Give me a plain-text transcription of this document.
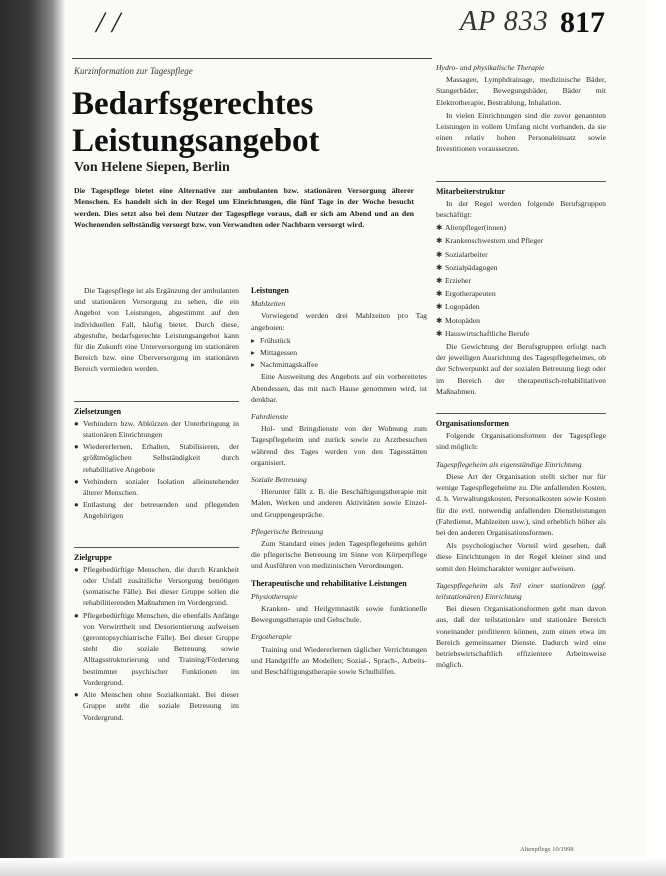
/ /	AP 833 817
Kurzinformation zur Tagespflege
Bedarfsgerechtes Leistungsangebot
Von Helene Siepen, Berlin
Die Tagespflege bietet eine Alternative zur ambulanten bzw. stationären Versorgung älterer Menschen. Es handelt sich in der Regel um Einrichtungen, die fünf Tage in der Woche besucht werden. Dies setzt also bei dem Nutzer der Tagespflege voraus, daß er sich am Abend und an den Wochenenden selbständig versorgt bzw. von Verwandten oder Nachbarn versorgt wird.

Die Tagespflege ist als Ergänzung der ambulanten und stationären Versorgung zu sehen, die ein Angebot von Leistungen, abgestimmt auf den individuellen Fall, häufig bietet. Durch diese, abgestufte, bedarfsgerechte Leistungsangebot kann für die Zukunft eine Unterversorgung im stationären Bereich bzw. eine Überversorgung im stationären Bereich vermieden werden.

Zielsetzungen
● Verhindern bzw. Abkürzen der Unterbringung in stationären Einrichtungen
● Wiedererlernen, Erhalten, Stabilisieren, der größtmöglichen Selbständigkeit durch rehabilitative Angebote
● Verhindern sozialer Isolation alleinstehender älterer Menschen.
● Entlastung der betreuenden und pflegenden Angehörigen
Zielgruppe
● Pflegebedürftige Menschen, die durch Krankheit oder Unfall zusätzliche Versorgung benötigen (somatische Fälle). Bei dieser Gruppe sollen die rehabilitierenden Maßnahmen im Vordergrund.
● Pflegebedürftige Menschen, die ebenfalls Anfänge von Verwirrtheit und Desorientierung aufweisen (gerontopsychiatrische Fälle). Bei dieser Gruppe steht die soziale Betreuung sowie Alltagsstrukturierung und Training/Förderung bestimmter psychischer Funktionen im Vordergrund.
● Alte Menschen ohne Sozialkontakt. Bei dieser Gruppe steht die soziale Betreuung im Vordergrund.
Leistungen
Mahlzeiten

Vorwiegend werden drei Mahlzeiten pro Tag angeboten:

▸ Frühstück
▸ Mittagessen
▸ Nachmittagskaffee

Eine Ausweitung des Angebots auf ein vorbereitetes Abendessen, das mit nach Hause genommen wird, ist denkbar.

Fahrdienste

Hol- und Bringdienste von der Wohnung zum Tagespflegeheim und zurück sowie zu Arztbesuchen während des Tages werden von den Tagesstätten organisiert.

Soziale Betreuung

Hierunter fällt z. B. die Beschäftigungstherapie mit Malen, Werken und anderen Aktivitäten sowie Einzel- und Gruppengespräche.

Pflegerische Betreuung

Zum Standard eines jeden Tagespflegeheims gehört die pflegerische Betreuung im Sinne von Körperpflege und Ausführen von medizinischen Verordnungen.

Therapeutische und rehabilitative Leistungen
Physiotherapie

Kranken- und Heilgymnastik sowie funktionelle Bewegungstherapie und Gehschule.

Ergotherapie

Training und Wiedererlernen täglicher Verrichtungen und Handgriffe an Modellen; Sozial-, Sprach-, Arbeits- und Beschäftigungstherapie sowie Schulhilfen.

Hydro- und physikalische Therapie

Massagen, Lymphdrainage, medizinische Bäder, Stangerbäder, Bewegungsbäder, Bäder mit Elektrotherapie, Bestrahlung, Inhalation.

In vielen Einrichtungen sind die zuvor genannten Leistungen in vollem Umfang nicht vorhanden, da sie einen relativ hohen Personaleinsatz sowie Investitionen voraussetzen.

Mitarbeiterstruktur

In der Regel werden folgende Berufsgruppen beschäftigt:

✱ Altenpfleger(innen)
✱ Krankenschwestern und Pfleger
✱ Sozialarbeiter
✱ Sozialpädagogen
✱ Erzieher
✱ Ergotherapeuten
✱ Logopäden
✱ Motopäden
✱ Hauswirtschaftliche Berufe

Die Gewichtung der Berufsgruppen erfolgt nach der jeweiligen Ausrichtung des Tagespflegeheimes, ob der Schwerpunkt auf der sozialen Betreuung liegt oder im Bereich der therapeutisch-rehabilitativen Maßnahmen.

Organisationsformen

Folgende Organisationsformen der Tagespflege sind möglich:

Tagespflegeheim als eigenständige Einrichtung

Diese Art der Organisation stellt sicher nur für wenige Tagespflegeheime zu. Die anfallenden Kosten, d. h. Verwaltungskosten, Personalkosten sowie Kosten für die evtl. notwendig anfallenden Dienstleistungen (Fahrdienst, Mahlzeiten usw.), sind erheblich höher als bei den anderen Organisationsformen.

Als psychologischer Vorteil wird gesehen, daß diese Einrichtungen in der Regel kleiner sind und somit den Heimcharakter weniger aufweisen.

Tagespflegeheim als Teil einer stationären (ggf. teilstationären) Einrichtung

Bei diesen Organisationsformen geht man davon aus, daß der teilstationäre und stationäre Bereich voneinander profitieren können, zum einen etwa im Bereich gemeinsamer Dienste. Dadurch wird eine betriebswirtschaftlich effizientere Arbeitsweise möglich.

Altenpflege 10/1998
